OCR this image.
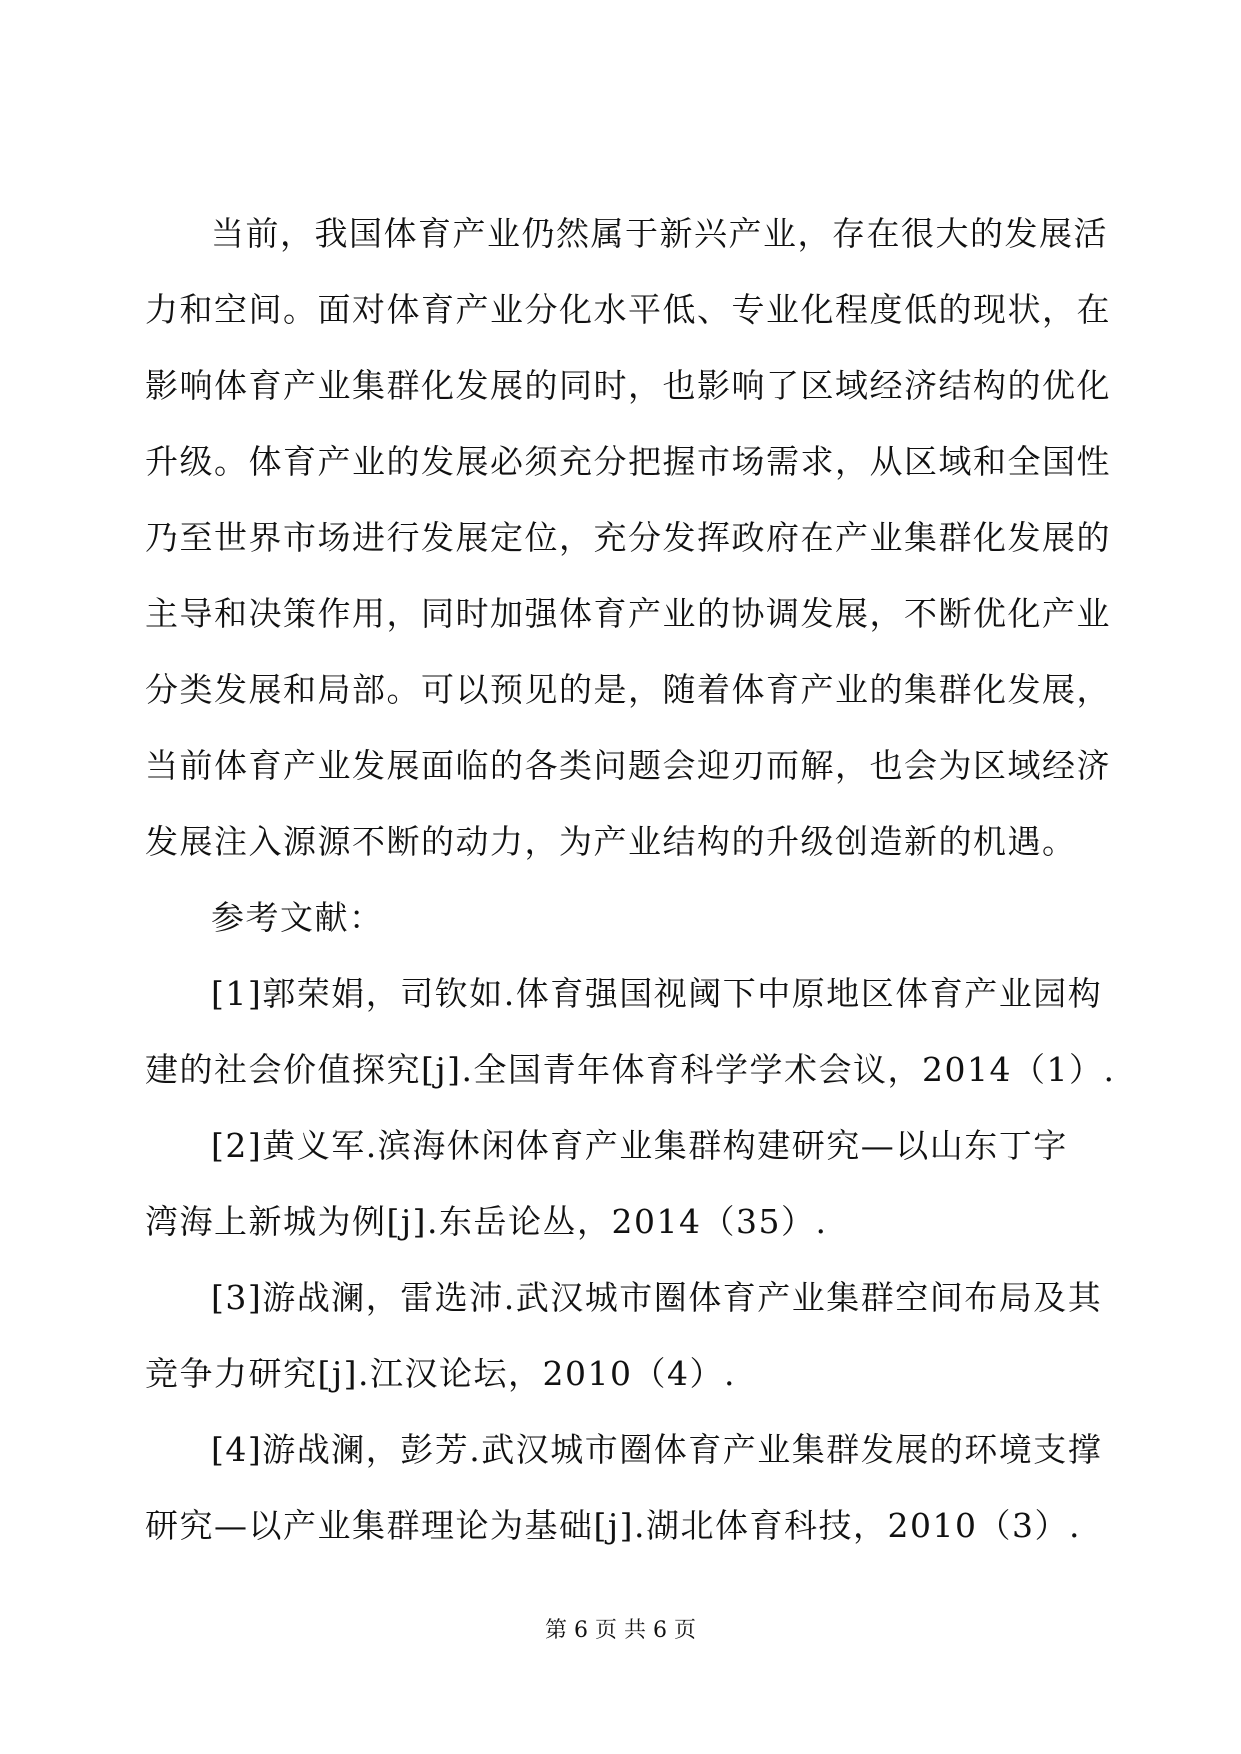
当前，我国体育产业仍然属于新兴产业，存在很大的发展活
力和空间。面对体育产业分化水平低、专业化程度低的现状，在
影响体育产业集群化发展的同时，也影响了区域经济结构的优化
升级。体育产业的发展必须充分把握市场需求，从区域和全国性
乃至世界市场进行发展定位，充分发挥政府在产业集群化发展的
主导和决策作用，同时加强体育产业的协调发展，不断优化产业
分类发展和局部。可以预见的是，随着体育产业的集群化发展，
当前体育产业发展面临的各类问题会迎刃而解，也会为区域经济
发展注入源源不断的动力，为产业结构的升级创造新的机遇。
参考文献：
[1]郭荣娟，司钦如.体育强国视阈下中原地区体育产业园构
建的社会价值探究[j].全国青年体育科学学术会议，2014（1）.
[2]黄义军.滨海休闲体育产业集群构建研究—以山东丁字
湾海上新城为例[j].东岳论丛，2014（35）.
[3]游战澜，雷选沛.武汉城市圈体育产业集群空间布局及其
竞争力研究[j].江汉论坛，2010（4）.
[4]游战澜，彭芳.武汉城市圈体育产业集群发展的环境支撑
研究—以产业集群理论为基础[j].湖北体育科技，2010（3）.
第 6 页 共 6 页
